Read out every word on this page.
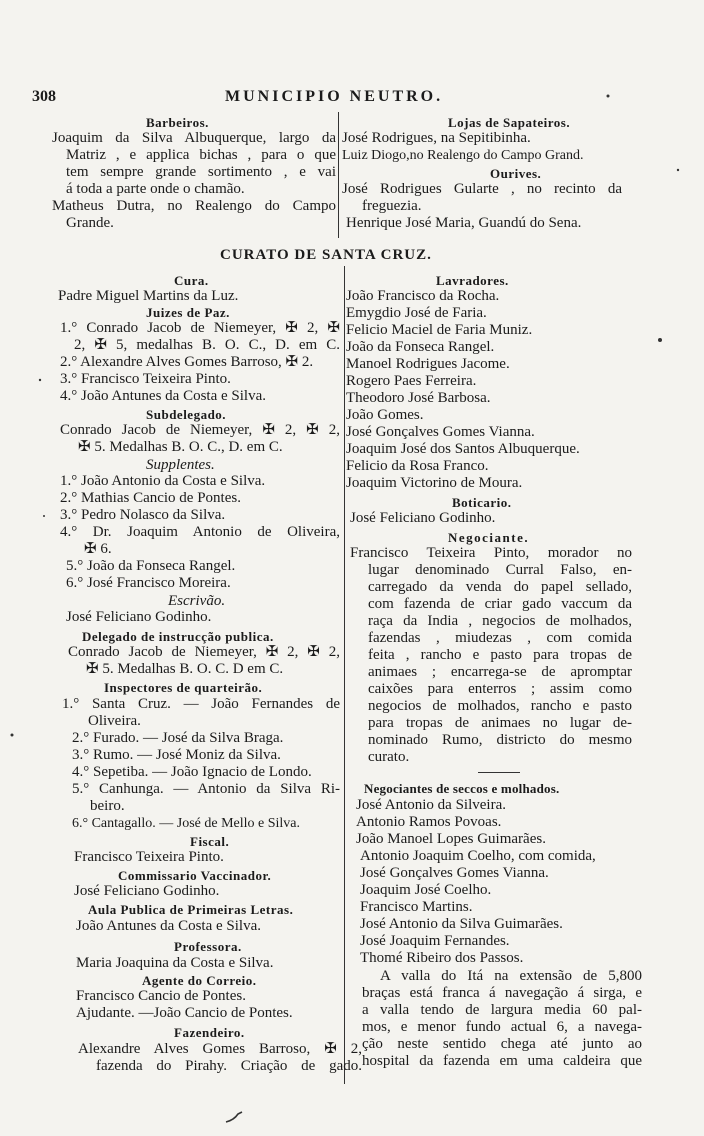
308	MUNICIPIO NEUTRO.
Barbeiros.
Joaquim da Silva Albuquerque, largo da
Matriz , e applica bichas , para o que
tem sempre grande sortimento , e vai
á toda a parte onde o chamão.
Matheus Dutra, no Realengo do Campo
Grande.
Lojas de Sapateiros.
José Rodrigues, na Sepitibinha.
Luiz Diogo,no Realengo do Campo Grand.
Ourives.
José Rodrigues Gularte , no recinto da
freguezia.
Henrique José Maria, Guandú do Sena.
CURATO DE SANTA CRUZ.
Cura.
Padre Miguel Martins da Luz.
Juizes de Paz.
1.° Conrado Jacob de Niemeyer, ✠ 2, ✠
2, ✠ 5, medalhas B. O. C., D. em C.
2.° Alexandre Alves Gomes Barroso, ✠ 2.
3.° Francisco Teixeira Pinto.
4.° João Antunes da Costa e Silva.
Subdelegado.
Conrado Jacob de Niemeyer, ✠ 2, ✠ 2,
✠ 5. Medalhas B. O. C., D. em C.
Supplentes.
1.° João Antonio da Costa e Silva.
2.° Mathias Cancio de Pontes.
3.° Pedro Nolasco da Silva.
4.° Dr. Joaquim Antonio de Oliveira,
✠ 6.
5.° João da Fonseca Rangel.
6.° José Francisco Moreira.
Escrivão.
José Feliciano Godinho.
Delegado de instrucção publica.
Conrado Jacob de Niemeyer, ✠ 2, ✠ 2,
✠ 5. Medalhas B. O. C. D em C.
Inspectores de quarteirão.
1.° Santa Cruz. — João Fernandes de
Oliveira.
2.° Furado. — José da Silva Braga.
3.° Rumo. — José Moniz da Silva.
4.° Sepetiba. — João Ignacio de Londo.
5.° Canhunga. — Antonio da Silva Ri-
beiro.
6.° Cantagallo. — José de Mello e Silva.
Fiscal.
Francisco Teixeira Pinto.
Commissario Vaccinador.
José Feliciano Godinho.
Aula Publica de Primeiras Letras.
João Antunes da Costa e Silva.
Professora.
Maria Joaquina da Costa e Silva.
Agente do Correio.
Francisco Cancio de Pontes.
Ajudante. —João Cancio de Pontes.
Fazendeiro.
Alexandre Alves Gomes Barroso, ✠ 2,
fazenda do Pirahy. Criação de gado.
Lavradores.
João Francisco da Rocha.
Emygdio José de Faria.
Felicio Maciel de Faria Muniz.
João da Fonseca Rangel.
Manoel Rodrigues Jacome.
Rogero Paes Ferreira.
Theodoro José Barbosa.
João Gomes.
José Gonçalves Gomes Vianna.
Joaquim José dos Santos Albuquerque.
Felicio da Rosa Franco.
Joaquim Victorino de Moura.
Boticario.
José Feliciano Godinho.
Negociante.
Francisco Teixeira Pinto, morador no
lugar denominado Curral Falso, en-
carregado da venda do papel sellado,
com fazenda de criar gado vaccum da
raça da India , negocios de molhados,
fazendas , miudezas , com comida
feita , rancho e pasto para tropas de
animaes ; encarrega-se de apromptar
caixões para enterros ; assim como
negocios de molhados, rancho e pasto
para tropas de animaes no lugar de-
nominado Rumo, districto do mesmo
curato.
Negociantes de seccos e molhados.
José Antonio da Silveira.
Antonio Ramos Povoas.
João Manoel Lopes Guimarães.
Antonio Joaquim Coelho, com comida,
José Gonçalves Gomes Vianna.
Joaquim José Coelho.
Francisco Martins.
José Antonio da Silva Guimarães.
José Joaquim Fernandes.
Thomé Ribeiro dos Passos.
A valla do Itá na extensão de 5,800
braças está franca á navegação á sirga, e
a valla tendo de largura media 60 pal-
mos, e menor fundo actual 6, a navega-
ção neste sentido chega até junto ao
hospital da fazenda em uma caldeira que
